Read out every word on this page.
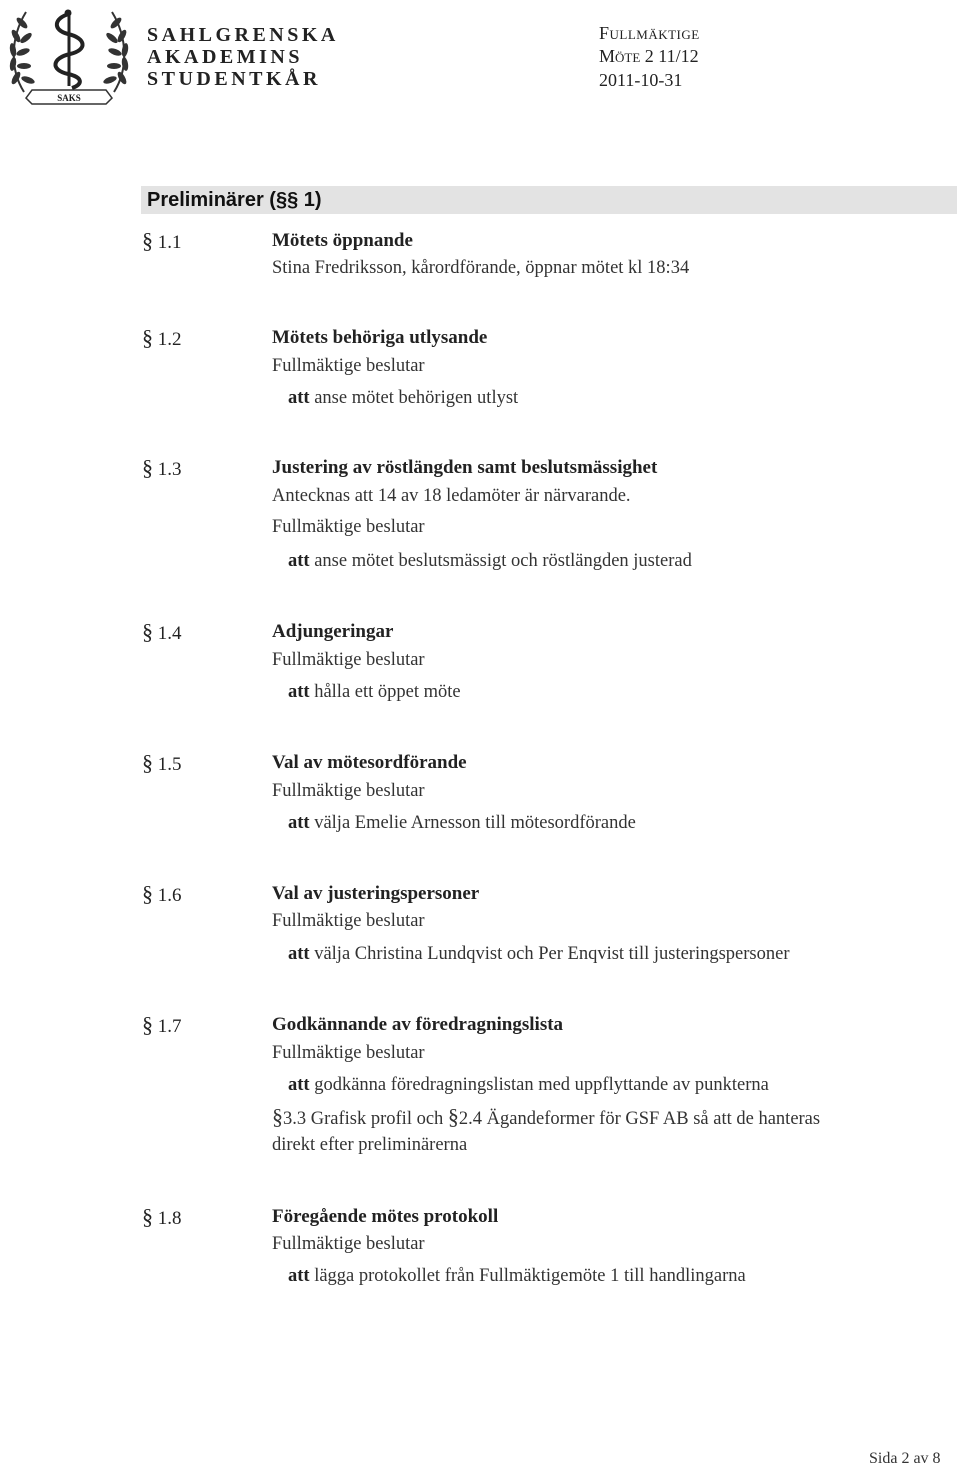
SAKS
SAHLGRENSKA
AKADEMINS
STUDENTKÅR
Fullmäktige
Möte 2 11/12
2011-10-31
Preliminärer (§§ 1)
§ 1.1	Mötets öppnande
Stina Fredriksson, kårordförande, öppnar mötet kl 18:34
§ 1.2	Mötets behöriga utlysande
Fullmäktige beslutar
att anse mötet behörigen utlyst
§ 1.3	Justering av röstlängden samt beslutsmässighet
Antecknas att 14 av 18 ledamöter är närvarande.
Fullmäktige beslutar
att anse mötet beslutsmässigt och röstlängden justerad
§ 1.4	Adjungeringar
Fullmäktige beslutar
att hålla ett öppet möte
§ 1.5	Val av mötesordförande
Fullmäktige beslutar
att välja Emelie Arnesson till mötesordförande
§ 1.6	Val av justeringspersoner
Fullmäktige beslutar
att välja Christina Lundqvist och Per Enqvist till justeringspersoner
§ 1.7	Godkännande av föredragningslista
Fullmäktige beslutar
att godkänna föredragningslistan med uppflyttande av punkterna
§3.3 Grafisk profil och §2.4 Ägandeformer för GSF AB så att de hanteras
direkt efter preliminärerna
§ 1.8	Föregående mötes protokoll
Fullmäktige beslutar
att lägga protokollet från Fullmäktigemöte 1 till handlingarna
Sida 2 av 8
